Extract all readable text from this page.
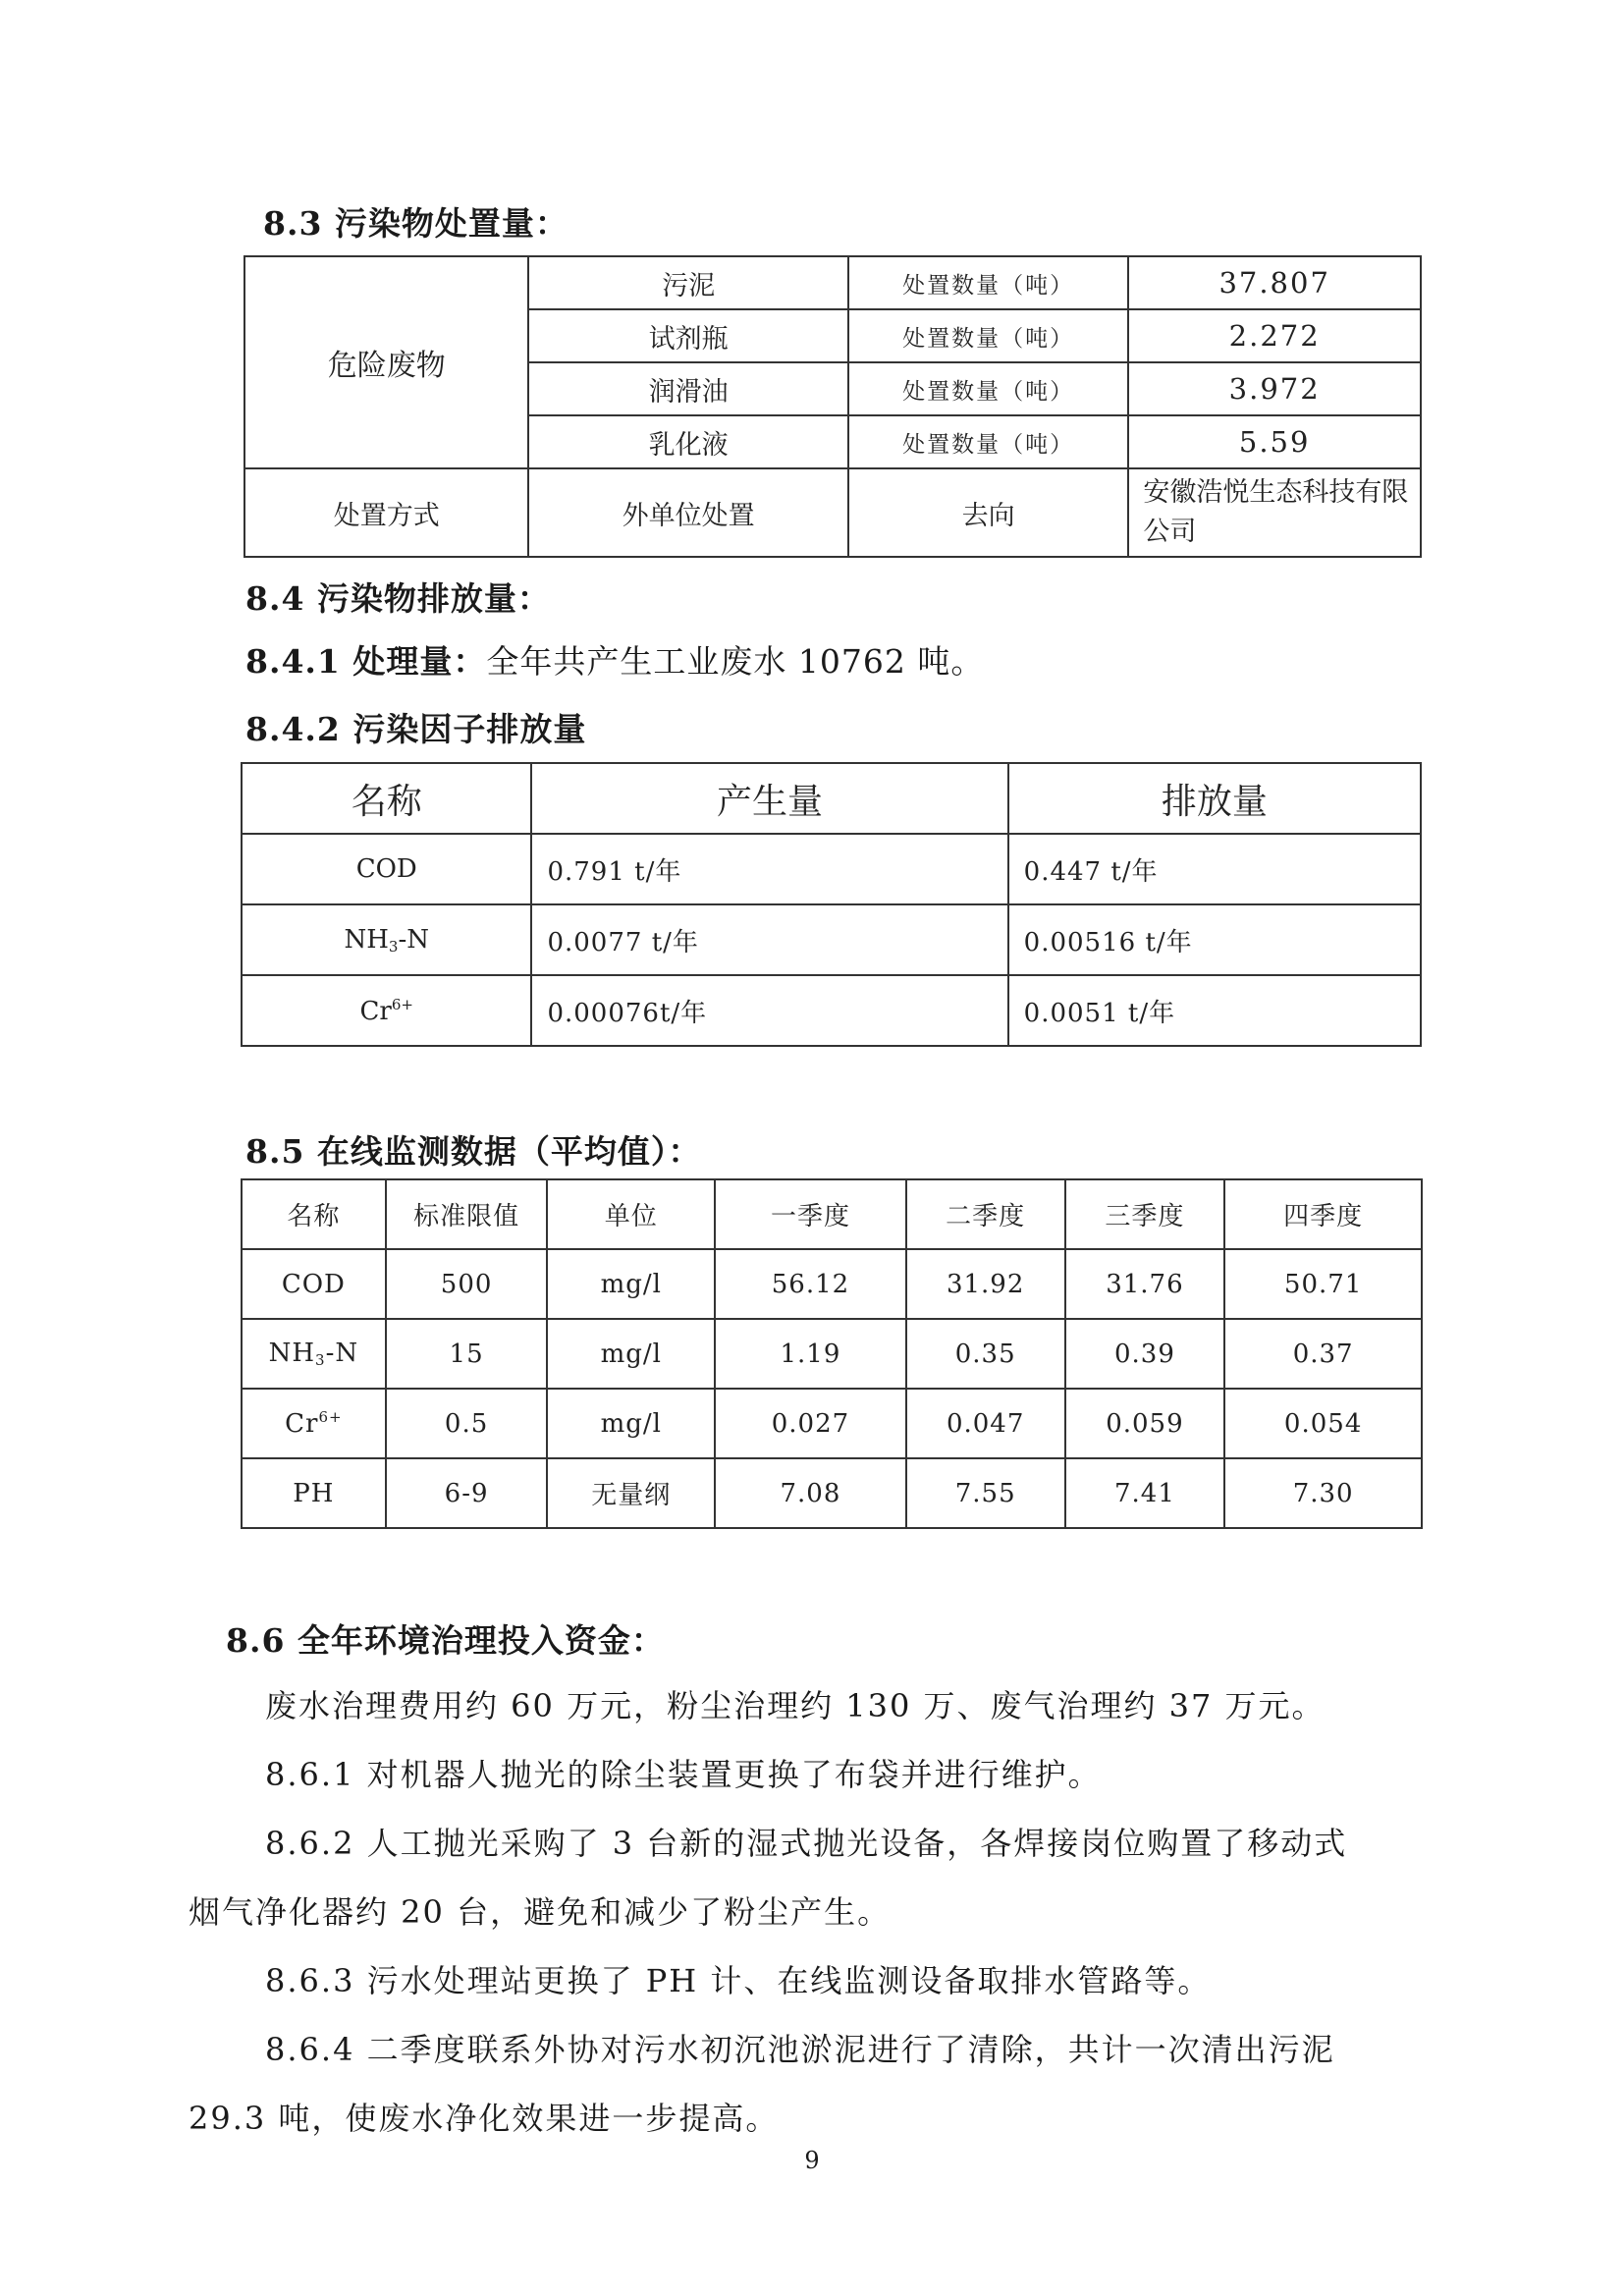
8.3 污染物处置量：
危险废物	污泥	处置数量（吨）	37.807
	试剂瓶	处置数量（吨）	2.272
	润滑油	处置数量（吨）	3.972
	乳化液	处置数量（吨）	5.59
处置方式	外单位处置	去向	安徽浩悦生态科技有限公司
8.4 污染物排放量：
8.4.1 处理量：全年共产生工业废水 10762 吨。
8.4.2 污染因子排放量
名称	产生量	排放量
COD	0.791 t/年	0.447 t/年
$NH_3-N$	0.0077 t/年	0.00516 t/年
$Cr^{6+}$	0.00076t/年	0.0051 t/年
8.5 在线监测数据（平均值）：
名称	标准限值	单位	一季度	二季度	三季度	四季度
COD	500	mg/l	56.12	31.92	31.76	50.71
$NH_3-N$	15	mg/l	1.19	0.35	0.39	0.37
$Cr^{6+}$	0.5	mg/l	0.027	0.047	0.059	0.054
PH	6-9	无量纲	7.08	7.55	7.41	7.30
8.6 全年环境治理投入资金：
废水治理费用约 60 万元，粉尘治理约 130 万、废气治理约 37 万元。
8.6.1 对机器人抛光的除尘装置更换了布袋并进行维护。
8.6.2 人工抛光采购了 3 台新的湿式抛光设备，各焊接岗位购置了移动式
烟气净化器约 20 台，避免和减少了粉尘产生。
8.6.3 污水处理站更换了 PH 计、在线监测设备取排水管路等。
8.6.4 二季度联系外协对污水初沉池淤泥进行了清除，共计一次清出污泥
29.3 吨，使废水净化效果进一步提高。
9
